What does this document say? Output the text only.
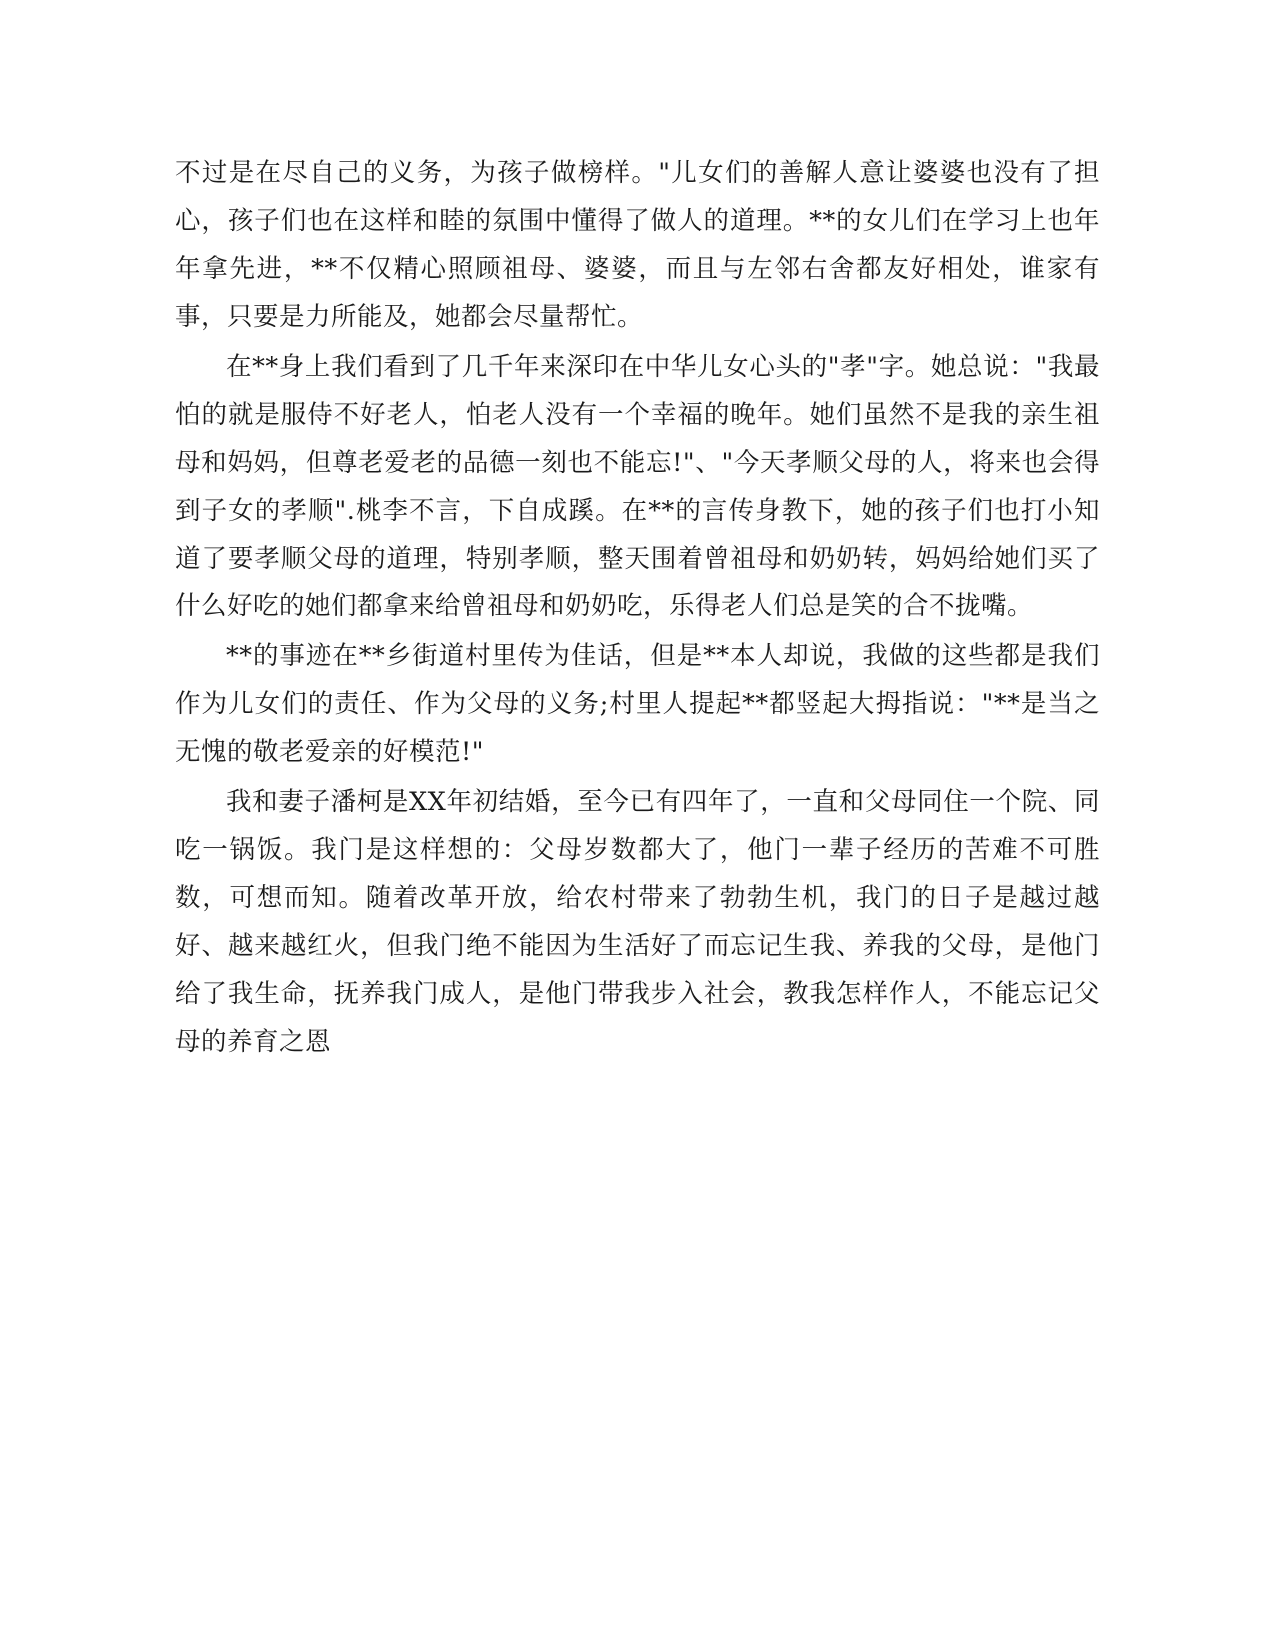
不过是在尽自己的义务，为孩子做榜样。"儿女们的善解人意让婆婆也没有了担心，孩子们也在这样和睦的氛围中懂得了做人的道理。**的女儿们在学习上也年年拿先进，**不仅精心照顾祖母、婆婆，而且与左邻右舍都友好相处，谁家有事，只要是力所能及，她都会尽量帮忙。

在**身上我们看到了几千年来深印在中华儿女心头的"孝"字。她总说："我最怕的就是服侍不好老人，怕老人没有一个幸福的晚年。她们虽然不是我的亲生祖母和妈妈，但尊老爱老的品德一刻也不能忘!"、"今天孝顺父母的人，将来也会得到子女的孝顺".桃李不言，下自成蹊。在**的言传身教下，她的孩子们也打小知道了要孝顺父母的道理，特别孝顺，整天围着曾祖母和奶奶转，妈妈给她们买了什么好吃的她们都拿来给曾祖母和奶奶吃，乐得老人们总是笑的合不拢嘴。

**的事迹在**乡街道村里传为佳话，但是**本人却说，我做的这些都是我们作为儿女们的责任、作为父母的义务;村里人提起**都竖起大拇指说："**是当之无愧的敬老爱亲的好模范!"

我和妻子潘柯是XX年初结婚，至今已有四年了，一直和父母同住一个院、同吃一锅饭。我门是这样想的：父母岁数都大了，他门一辈子经历的苦难不可胜数，可想而知。随着改革开放，给农村带来了勃勃生机，我门的日子是越过越好、越来越红火，但我门绝不能因为生活好了而忘记生我、养我的父母，是他门给了我生命，抚养我门成人，是他门带我步入社会，教我怎样作人，不能忘记父母的养育之恩
